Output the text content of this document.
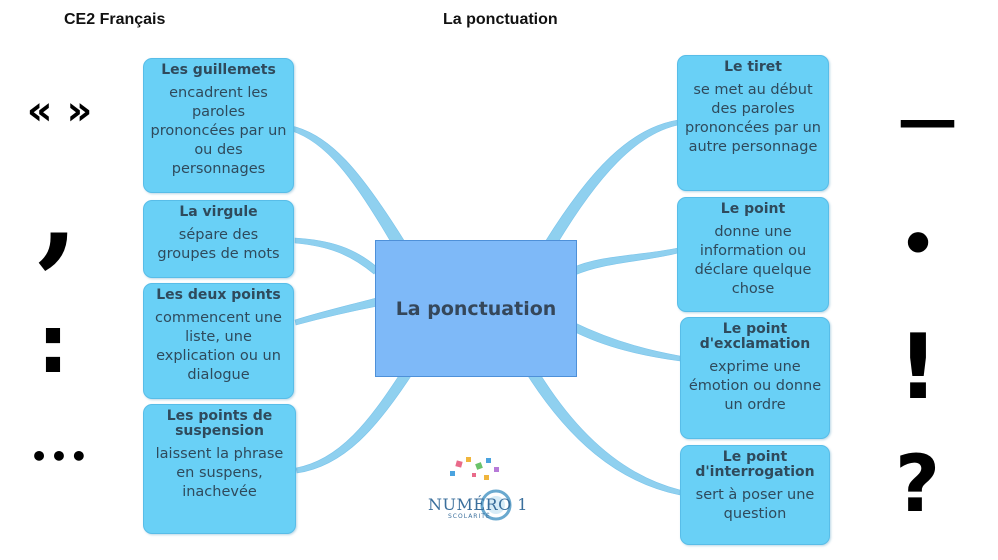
CE2 Français	La ponctuation
La ponctuation
Les guillemets
encadrent les paroles prononcées par un ou des personnages
La virgule
sépare des groupes de mots
Les deux points
commencent une liste, une explication ou un dialogue
Les points de suspension
laissent la phrase en suspens, inachevée
Le tiret
se met au début des paroles prononcées par un autre personnage
Le point
donne une information ou déclare quelque chose
Le point d'exclamation
exprime une émotion ou donne un ordre
Le point d'interrogation
sert à poser une question
« »
,
:
•••
—
•
!
?
NUMÉRO 1
SCOLARITÉ
